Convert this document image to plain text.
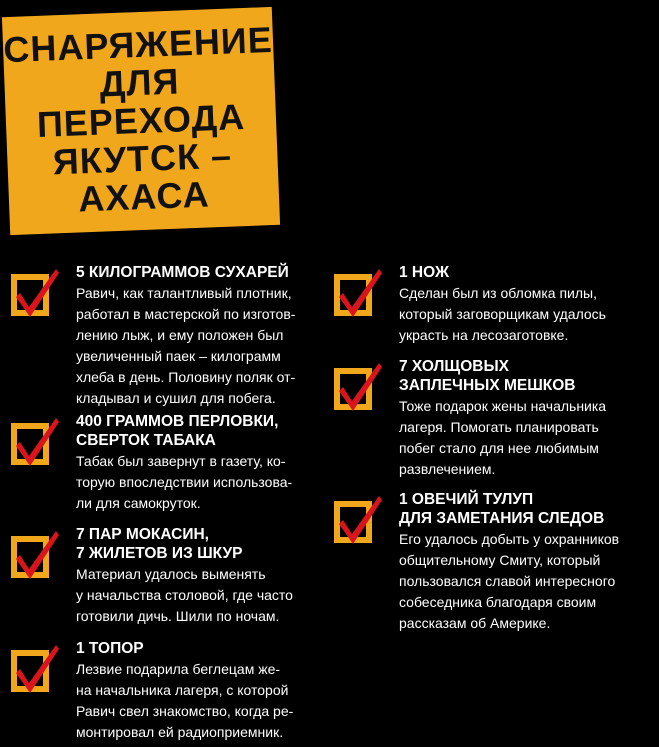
СНАРЯЖЕНИЕ
ДЛЯ
ПЕРЕХОДА
ЯКУТСК –
АХАСА
5 КИЛОГРАММОВ СУХАРЕЙ
Равич, как талантливый плотник,
работал в мастерской по изготов-
лению лыж, и ему положен был
увеличенный паек – килограмм
хлеба в день. Половину поляк от-
кладывал и сушил для побега.
400 ГРАММОВ ПЕРЛОВКИ,
СВЕРТОК ТАБАКА
Табак был завернут в газету, ко-
торую впоследствии использова-
ли для самокруток.
7 ПАР МОКАСИН,
7 ЖИЛЕТОВ ИЗ ШКУР
Материал удалось выменять
у начальства столовой, где часто
готовили дичь. Шили по ночам.
1 ТОПОР
Лезвие подарила беглецам же-
на начальника лагеря, с которой
Равич свел знакомство, когда ре-
монтировал ей радиоприемник.
1 НОЖ
Сделан был из обломка пилы,
который заговорщикам удалось
украсть на лесозаготовке.
7 ХОЛЩОВЫХ
ЗАПЛЕЧНЫХ МЕШКОВ
Тоже подарок жены начальника
лагеря. Помогать планировать
побег стало для нее любимым
развлечением.
1 ОВЕЧИЙ ТУЛУП
ДЛЯ ЗАМЕТАНИЯ СЛЕДОВ
Его удалось добыть у охранников
общительному Смиту, который
пользовался славой интересного
собеседника благодаря своим
рассказам об Америке.
